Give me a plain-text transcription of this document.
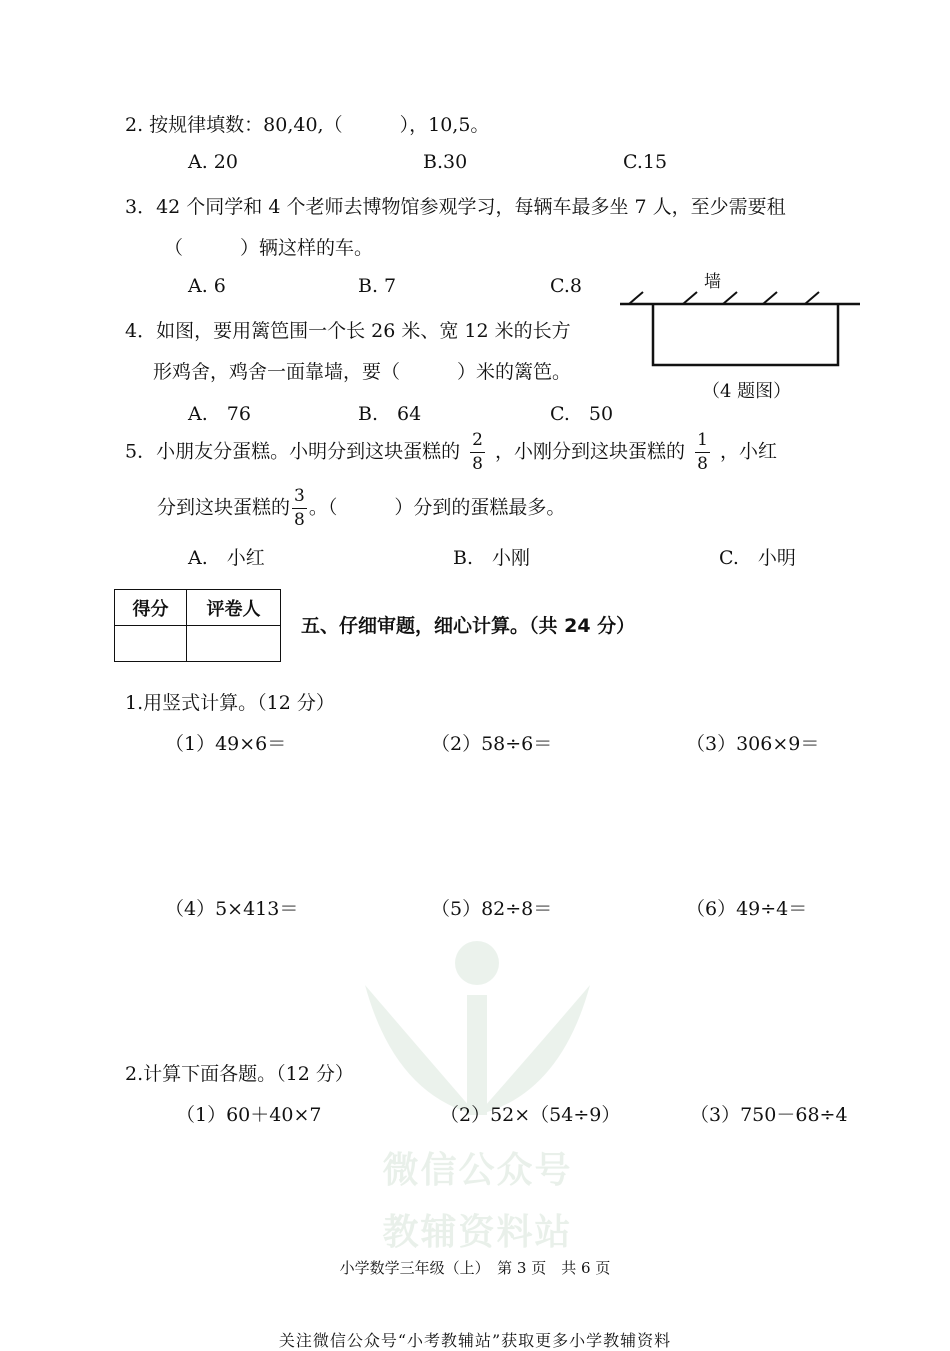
微信公众号
教辅资料站
2. 按规律填数：80,40,（　　　），10,5。
A. 20	B.30	C.15
3．42 个同学和 4 个老师去博物馆参观学习，每辆车最多坐 7 人，至少需要租
（　　　）辆这样的车。
A. 6	B. 7	C.8	墙
（4 题图）
4．如图，要用篱笆围一个长 26 米、宽 12 米的长方
形鸡舍，鸡舍一面靠墙，要（　　　）米的篱笆。
A.　76	B.　64	C.　50
5．小朋友分蛋糕。小明分到这块蛋糕的 $\frac{2}{8}$ ，小刚分到这块蛋糕的 $\frac{1}{8}$ ，小红
分到这块蛋糕的 $\frac{3}{8}$ 。（　　　）分到的蛋糕最多。
A.　小红	B.　小刚	C.　小明
得分	评卷人

五、仔细审题，细心计算。（共 24 分）
1.用竖式计算。（12 分）
（1）49×6＝	（2）58÷6＝	（3）306×9＝
（4）5×413＝	（5）82÷8＝	（6）49÷4＝
2.计算下面各题。（12 分）
（1）60＋40×7	（2）52×（54÷9）	（3）750－68÷4
小学数学三年级（上）　第 3 页　共 6 页
关注微信公众号“小考教辅站”获取更多小学教辅资料
